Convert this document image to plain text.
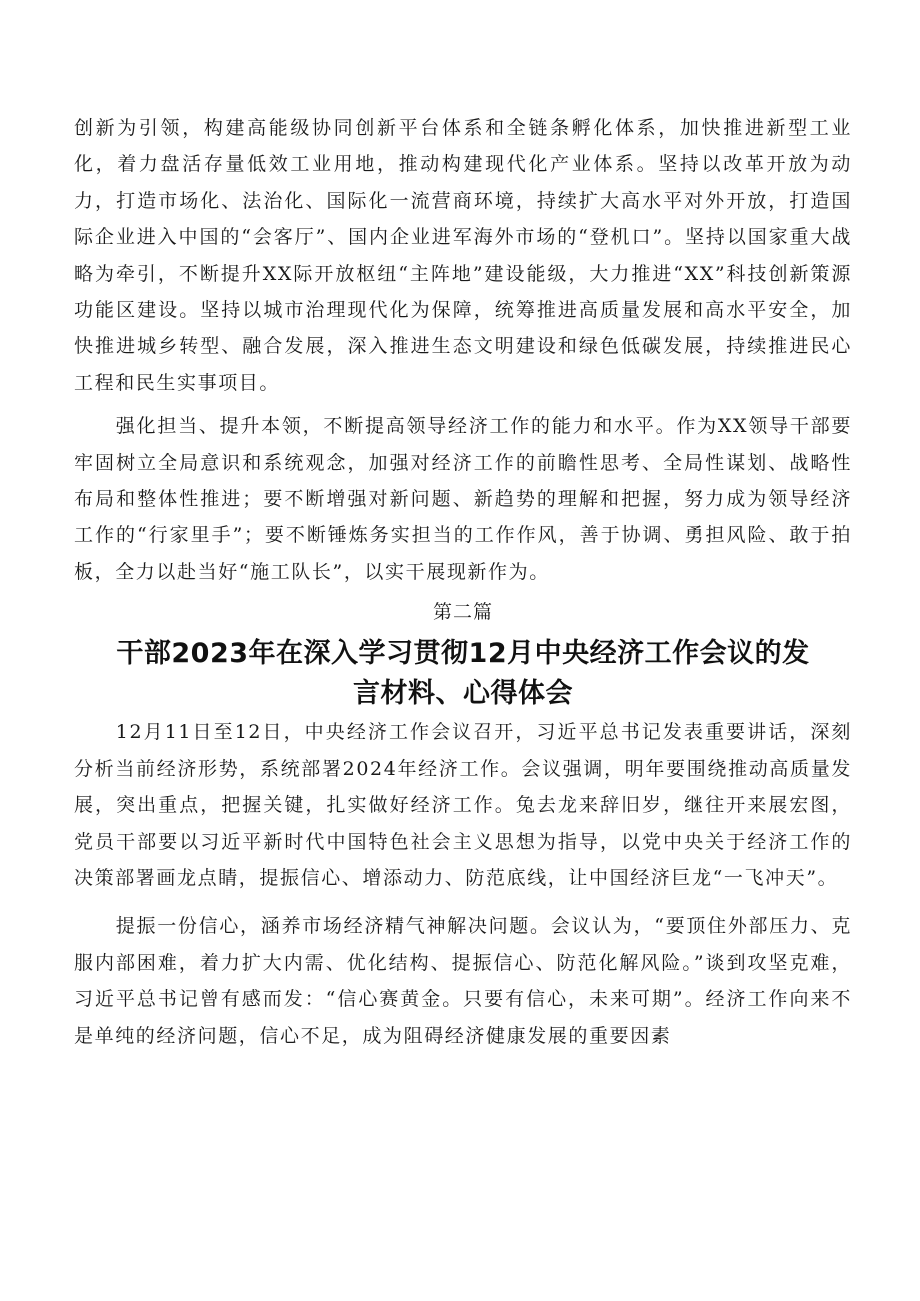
创新为引领，构建高能级协同创新平台体系和全链条孵化体系，加快推进新型工业化，着力盘活存量低效工业用地，推动构建现代化产业体系。坚持以改革开放为动力，打造市场化、法治化、国际化一流营商环境，持续扩大高水平对外开放，打造国际企业进入中国的“会客厅”、国内企业进军海外市场的“登机口”。坚持以国家重大战略为牵引，不断提升XX际开放枢纽“主阵地”建设能级，大力推进“XX”科技创新策源功能区建设。坚持以城市治理现代化为保障，统筹推进高质量发展和高水平安全，加快推进城乡转型、融合发展，深入推进生态文明建设和绿色低碳发展，持续推进民心工程和民生实事项目。

强化担当、提升本领，不断提高领导经济工作的能力和水平。作为XX领导干部要牢固树立全局意识和系统观念，加强对经济工作的前瞻性思考、全局性谋划、战略性布局和整体性推进；要不断增强对新问题、新趋势的理解和把握，努力成为领导经济工作的“行家里手”；要不断锤炼务实担当的工作作风，善于协调、勇担风险、敢于拍板，全力以赴当好“施工队长”，以实干展现新作为。

第二篇

干部2023年在深入学习贯彻12月中央经济工作会议的发言材料、心得体会

12月11日至12日，中央经济工作会议召开，习近平总书记发表重要讲话，深刻分析当前经济形势，系统部署2024年经济工作。会议强调，明年要围绕推动高质量发展，突出重点，把握关键，扎实做好经济工作。兔去龙来辞旧岁，继往开来展宏图，党员干部要以习近平新时代中国特色社会主义思想为指导，以党中央关于经济工作的决策部署画龙点睛，提振信心、增添动力、防范底线，让中国经济巨龙“一飞冲天”。

提振一份信心，涵养市场经济精气神解决问题。会议认为，“要顶住外部压力、克服内部困难，着力扩大内需、优化结构、提振信心、防范化解风险。”谈到攻坚克难，习近平总书记曾有感而发：“信心赛黄金。只要有信心，未来可期”。经济工作向来不是单纯的经济问题，信心不足，成为阻碍经济健康发展的重要因素
